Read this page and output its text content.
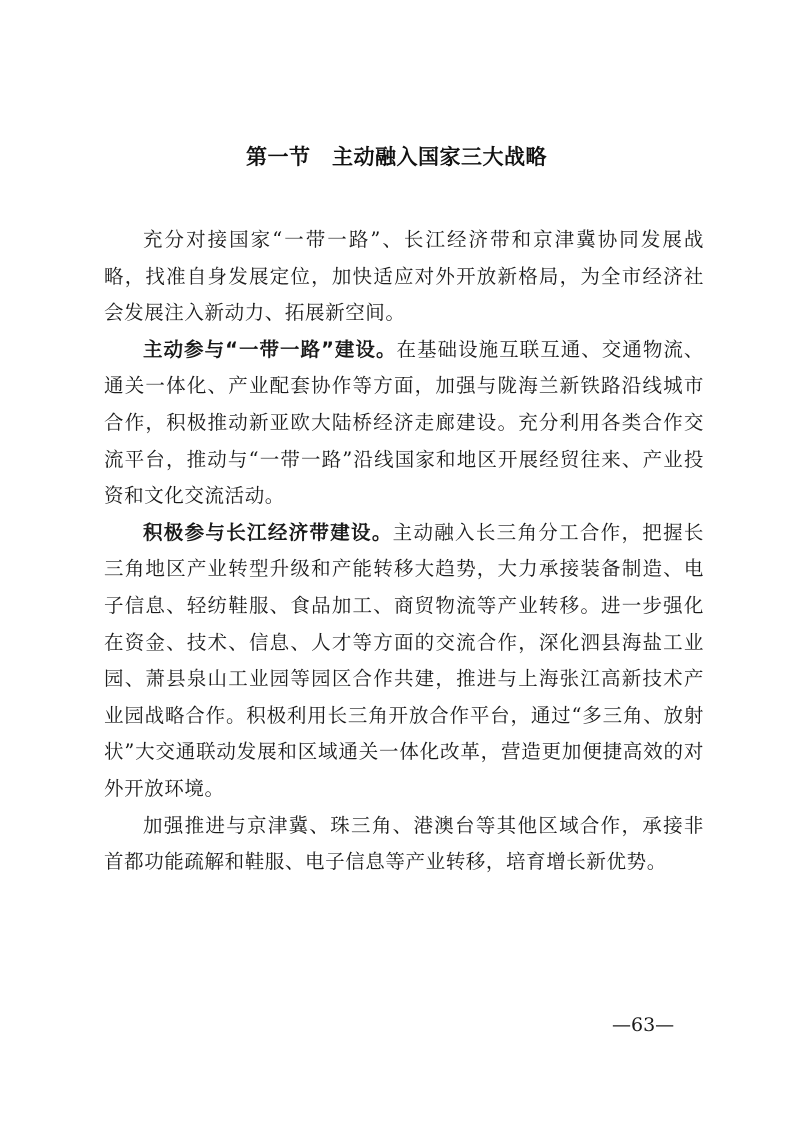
第一节　主动融入国家三大战略

充分对接国家“一带一路”、长江经济带和京津冀协同发展战略，找准自身发展定位，加快适应对外开放新格局，为全市经济社会发展注入新动力、拓展新空间。

主动参与“一带一路”建设。在基础设施互联互通、交通物流、通关一体化、产业配套协作等方面，加强与陇海兰新铁路沿线城市合作，积极推动新亚欧大陆桥经济走廊建设。充分利用各类合作交流平台，推动与“一带一路”沿线国家和地区开展经贸往来、产业投资和文化交流活动。

积极参与长江经济带建设。主动融入长三角分工合作，把握长三角地区产业转型升级和产能转移大趋势，大力承接装备制造、电子信息、轻纺鞋服、食品加工、商贸物流等产业转移。进一步强化在资金、技术、信息、人才等方面的交流合作，深化泗县海盐工业园、萧县泉山工业园等园区合作共建，推进与上海张江高新技术产业园战略合作。积极利用长三角开放合作平台，通过“多三角、放射状”大交通联动发展和区域通关一体化改革，营造更加便捷高效的对外开放环境。

加强推进与京津冀、珠三角、港澳台等其他区域合作，承接非首都功能疏解和鞋服、电子信息等产业转移，培育增长新优势。

—63—
